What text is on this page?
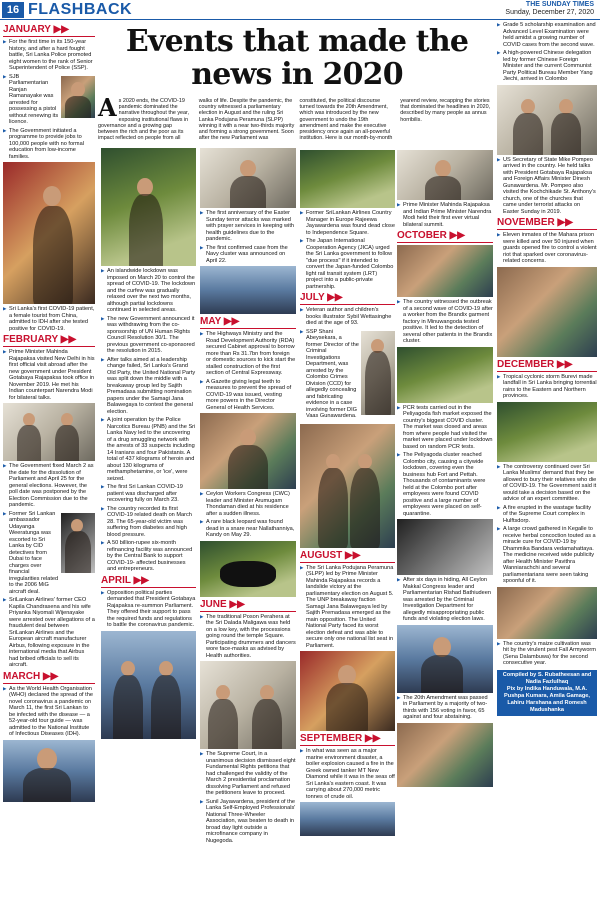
16 FLASHBACK	THE SUNDAY TIMES
Sunday, December 27, 2020
Events that made the news in 2020
As 2020 ends, the COVID-19 pandemic dominated the narrative throughout the year, exposing institutional flaws in governance and a growing gap between the rich and the poor as its impact reflected on people from all walks of life. Despite the pandemic, the country witnessed a parliamentary election in August and the ruling Sri Lanka Podujana Peramuna (SLPP) winning it with a near two-thirds majority and forming a strong government. Soon after the new Parliament was constituted, the political discourse turned towards the 20th Amendment, which was introduced by the new government to undo the 19th amendment and make the executive presidency once again an all-powerful institution. Here is our month-by-month yearend review, recapping the stories that dominated the headlines in 2020, described by many people as annus horribilis.
JANUARY ▶▶
▶ For the first time in its 150-year history, and after a hard fought battle, Sri Lanka Police promoted eight women to the rank of Senior Superintendent of Police (SSP).
▶ SJB Parliamentarian Ranjan Ramanayake was arrested for possessing a pistol without renewing its licence.
▶ The Government initiated a programme to provide jobs to 100,000 people with no formal education from low-income families.
▶ Sri Lanka's first COVID-19 patient, a female tourist from China, admitted to IDH after she tested positive for COVID-19.
FEBRUARY ▶▶
▶ Prime Minister Mahinda Rajapaksa visited New Delhi in his first official visit abroad after the new government under President Gotabaya Rajapaksa took office in November 2019. He met his Indian counterpart Narendra Modi for bilateral talks.
▶ The Government fixed March 2 as the date for the dissolution of Parliament and April 25 for the general elections. However, the poll date was postponed by the Election Commission due to the pandemic.
▶ Former Sri Lankan ambassador Udayanga Weeratunga was escorted to Sri Lanka by CID detectives from Dubai to face charges over financial irregularities related to the 2006 MiG aircraft deal.
▶ SriLankan Airlines' former CEO Kapila Chandrasena and his wife Priyanka Niyomali Wijenayake were arrested over allegations of a fraudulent deal between SriLankan Airlines and the European aircraft manufacturer Airbus, following exposure in the international media that Airbus had bribed officials to sell its aircraft.
MARCH ▶▶
▶ As the World Health Organisation (WHO) declared the spread of the novel coronavirus a pandemic on March 11, the first Sri Lankan to be infected with the disease — a 52-year-old tour guide — was admitted to the National Institute of Infectious Diseases (IDH).
▶ An islandwide lockdown was imposed on March 20 to control the spread of COVID-19. The lockdown and the curfew was gradually relaxed over the next two months, although partial lockdowns continued in selected areas.
▶ The new Government announced it was withdrawing from the co-sponsorship of UN Human Rights Council Resolution 30/1. The previous government co-sponsored the resolution in 2015.
▶ After talks aimed at a leadership change failed, Sri Lanka's Grand Old Party, the United National Party was split down the middle with a breakaway group led by Sajith Premadasa submitting nomination papers under the Samagi Jana Balawegaya to contest the general election.
▶ A joint operation by the Police Narcotics Bureau (PNB) and the Sri Lanka Navy led to the uncovering of a drug smuggling network with the arrests of 33 suspects including 14 Iranians and four Pakistanis. A total of 437 kilograms of heroin and about 130 kilograms of methamphetamine, or 'ice', were seized.
▶ The first Sri Lankan COVID-19 patient was discharged after recovering fully on March 23.
▶ The country recorded its first COVID-19 related death on March 28. The 65-year-old victim was suffering from diabetes and high blood pressure.
▶ A 50 billion-rupee six-month refinancing facility was announced by the Central Bank to support COVID-19- affected businesses and entrepreneurs.
APRIL ▶▶
▶ Opposition political parties demanded that President Gotabaya Rajapaksa re-summon Parliament. They offered their support to pass the required funds and regulations to battle the coronavirus pandemic.
▶ The first anniversary of the Easter Sunday terror attacks was marked with prayer services in keeping with health guidelines due to the pandemic.
▶ The first confirmed case from the Navy cluster was announced on April 22.
MAY ▶▶
▶ The Highways Ministry and the Road Development Authority (RDA) secured Cabinet approval to borrow more than Rs 31.7bn from foreign or domestic sources to kick start the stalled construction of the first section of Central Expressway.
▶ A Gazette giving legal teeth to measures to prevent the spread of COVID-19 was issued, vesting more powers in the Director General of Health Services.
▶ Ceylon Workers Congress (CWC) leader and Minister Arumugam Thondaman died at his residence after a sudden illness.
▶ A rare black leopard was found dead in a snare near Nallathanniya, Kandy on May 29.
JUNE ▶▶
▶ The traditional Poson Perahera at the Sri Dalada Maligawa was held on a low key, with the processions going round the temple Square. Participating drummers and dancers wore face-masks as advised by Health authorities.
▶ The Supreme Court, in a unanimous decision dismissed eight Fundamental Rights petitions that had challenged the validity of the March 2 presidential proclamation dissolving Parliament and refused the petitioners leave to proceed.
▶ Sunil Jayawardena, president of the Lanka Self-Employed Professionals' National Three-Wheeler Association, was beaten to death in broad day light outside a microfinance company in Nugegoda.
▶ Former SriLankan Airlines Country Manager in Europe Rajeewa Jayawardena was found dead close to Independence Square.
▶ The Japan International Cooperation Agency (JICA) urged the Sri Lanka government to follow "due process" if it intended to convert the Japan-funded Colombo light rail transit system (LRT) project into a public-private partnership.
JULY ▶▶
▶ Veteran author and children's books illustrator Sybil Wettasinghe died at the age of 93.
▶ SSP Shani Abeysekara, a former Director of the Criminal Investigations Department, was arrested by the Colombo Crimes Division (CCD) for allegedly concealing and fabricating evidence in a case involving former DIG Vaas Gunawardena.
AUGUST ▶▶
▶ The Sri Lanka Podujana Peramuna (SLPP) led by Prime Minister Mahinda Rajapaksa records a landslide victory at the parliamentary election on August 5. The UNP breakaway faction Samagi Jana Balawegaya led by Sajith Premadasa emerged as the main opposition. The United National Party faced its worst election defeat and was able to secure only one national list seat in Parliament.
SEPTEMBER ▶▶
▶ In what was seen as a major marine environment disaster, a boiler explosion caused a fire in the Greek owned tanker MT New Diamond while it was in the seas off Sri Lanka's eastern coast. It was carrying about 270,000 metric tonnes of crude oil.
▶ Prime Minister Mahinda Rajapaksa and Indian Prime Minister Narendra Modi held their first ever virtual bilateral summit.
OCTOBER ▶▶
▶ The country witnessed the outbreak of a second wave of COVID-19 after a worker from the Brandix garment factory in Minuwangoda tested positive. It led to the detection of several other patients in the Brandix cluster.
▶ PCR tests carried out in the Peliyagoda fish market exposed the country's biggest COVID cluster. The market was closed and areas from where people had visited the market were placed under lockdown based on random PCR tests.
▶ The Peliyagoda cluster reached Colombo city, causing a citywide lockdown, covering even the business hub Fort and Pettah. Thousands of contaminants were held at the Colombo port after employees were found COVID positive and a large number of employees were placed on self-quarantine.
▶ After six days in hiding, All Ceylon Makkal Congress leader and Parliamentarian Rishad Bathiudeen was arrested by the Criminal Investigation Department for allegedly misappropriating public funds and violating election laws.
▶ The 20th Amendment was passed in Parliament by a majority of two-thirds with 156 voting in favor, 65 against and four abstaining.
▶ Grade 5 scholarship examination and Advanced Level Examination were held amidst a growing number of COVID cases from the second wave.
▶ A high-powered Chinese delegation led by former Chinese Foreign Minister and the current Communist Party Political Bureau Member Yang Jiechi, arrived in Colombo
▶ US Secretary of State Mike Pompeo arrived in the country. He held talks with President Gotabaya Rajapaksa and Foreign Affairs Minister Dinesh Gunawardena. Mr. Pompeo also visited the Kochchikade St. Anthony's church, one of the churches that came under terrorist attacks on Easter Sunday in 2019.
NOVEMBER ▶▶
▶ Eleven inmates of the Mahara prison were killed and over 50 injured when guards opened fire to control a violent riot that sparked over coronavirus-related concerns.
DECEMBER ▶▶
▶ Tropical cyclonic storm Burevi made landfall in Sri Lanka bringing torrential rains to the Eastern and Northern provinces.
▶ The controversy continued over Sri Lanka Muslims' demand that they be allowed to bury their relatives who die of COVID-19. The Government said it would take a decision based on the advice of an expert committee.
▶ A fire erupted in the wastage facility of the Supreme Court complex in Hulftsdorp.
▶ A large crowd gathered in Kegalle to receive herbal concoction touted as a miracle cure for COVID-19 by Dhammika Bandara vedamahattaya. The medicine received wide publicity after Health Minister Pavithra Wanniarachchi and several parliamentarians were seen taking spoonful of it.
▶ The country's maize cultivation was hit by the virulent pest Fall Armyworm (Sena Dalambuwa) for the second consecutive year.
Compiled by S. Rubatheesan and Nadia Fazlulhaq
Pix by Indika Handuwala, M.A. Pushpa Kumara, Amila Gamage, Lahiru Harshana and Romesh Madushanka
